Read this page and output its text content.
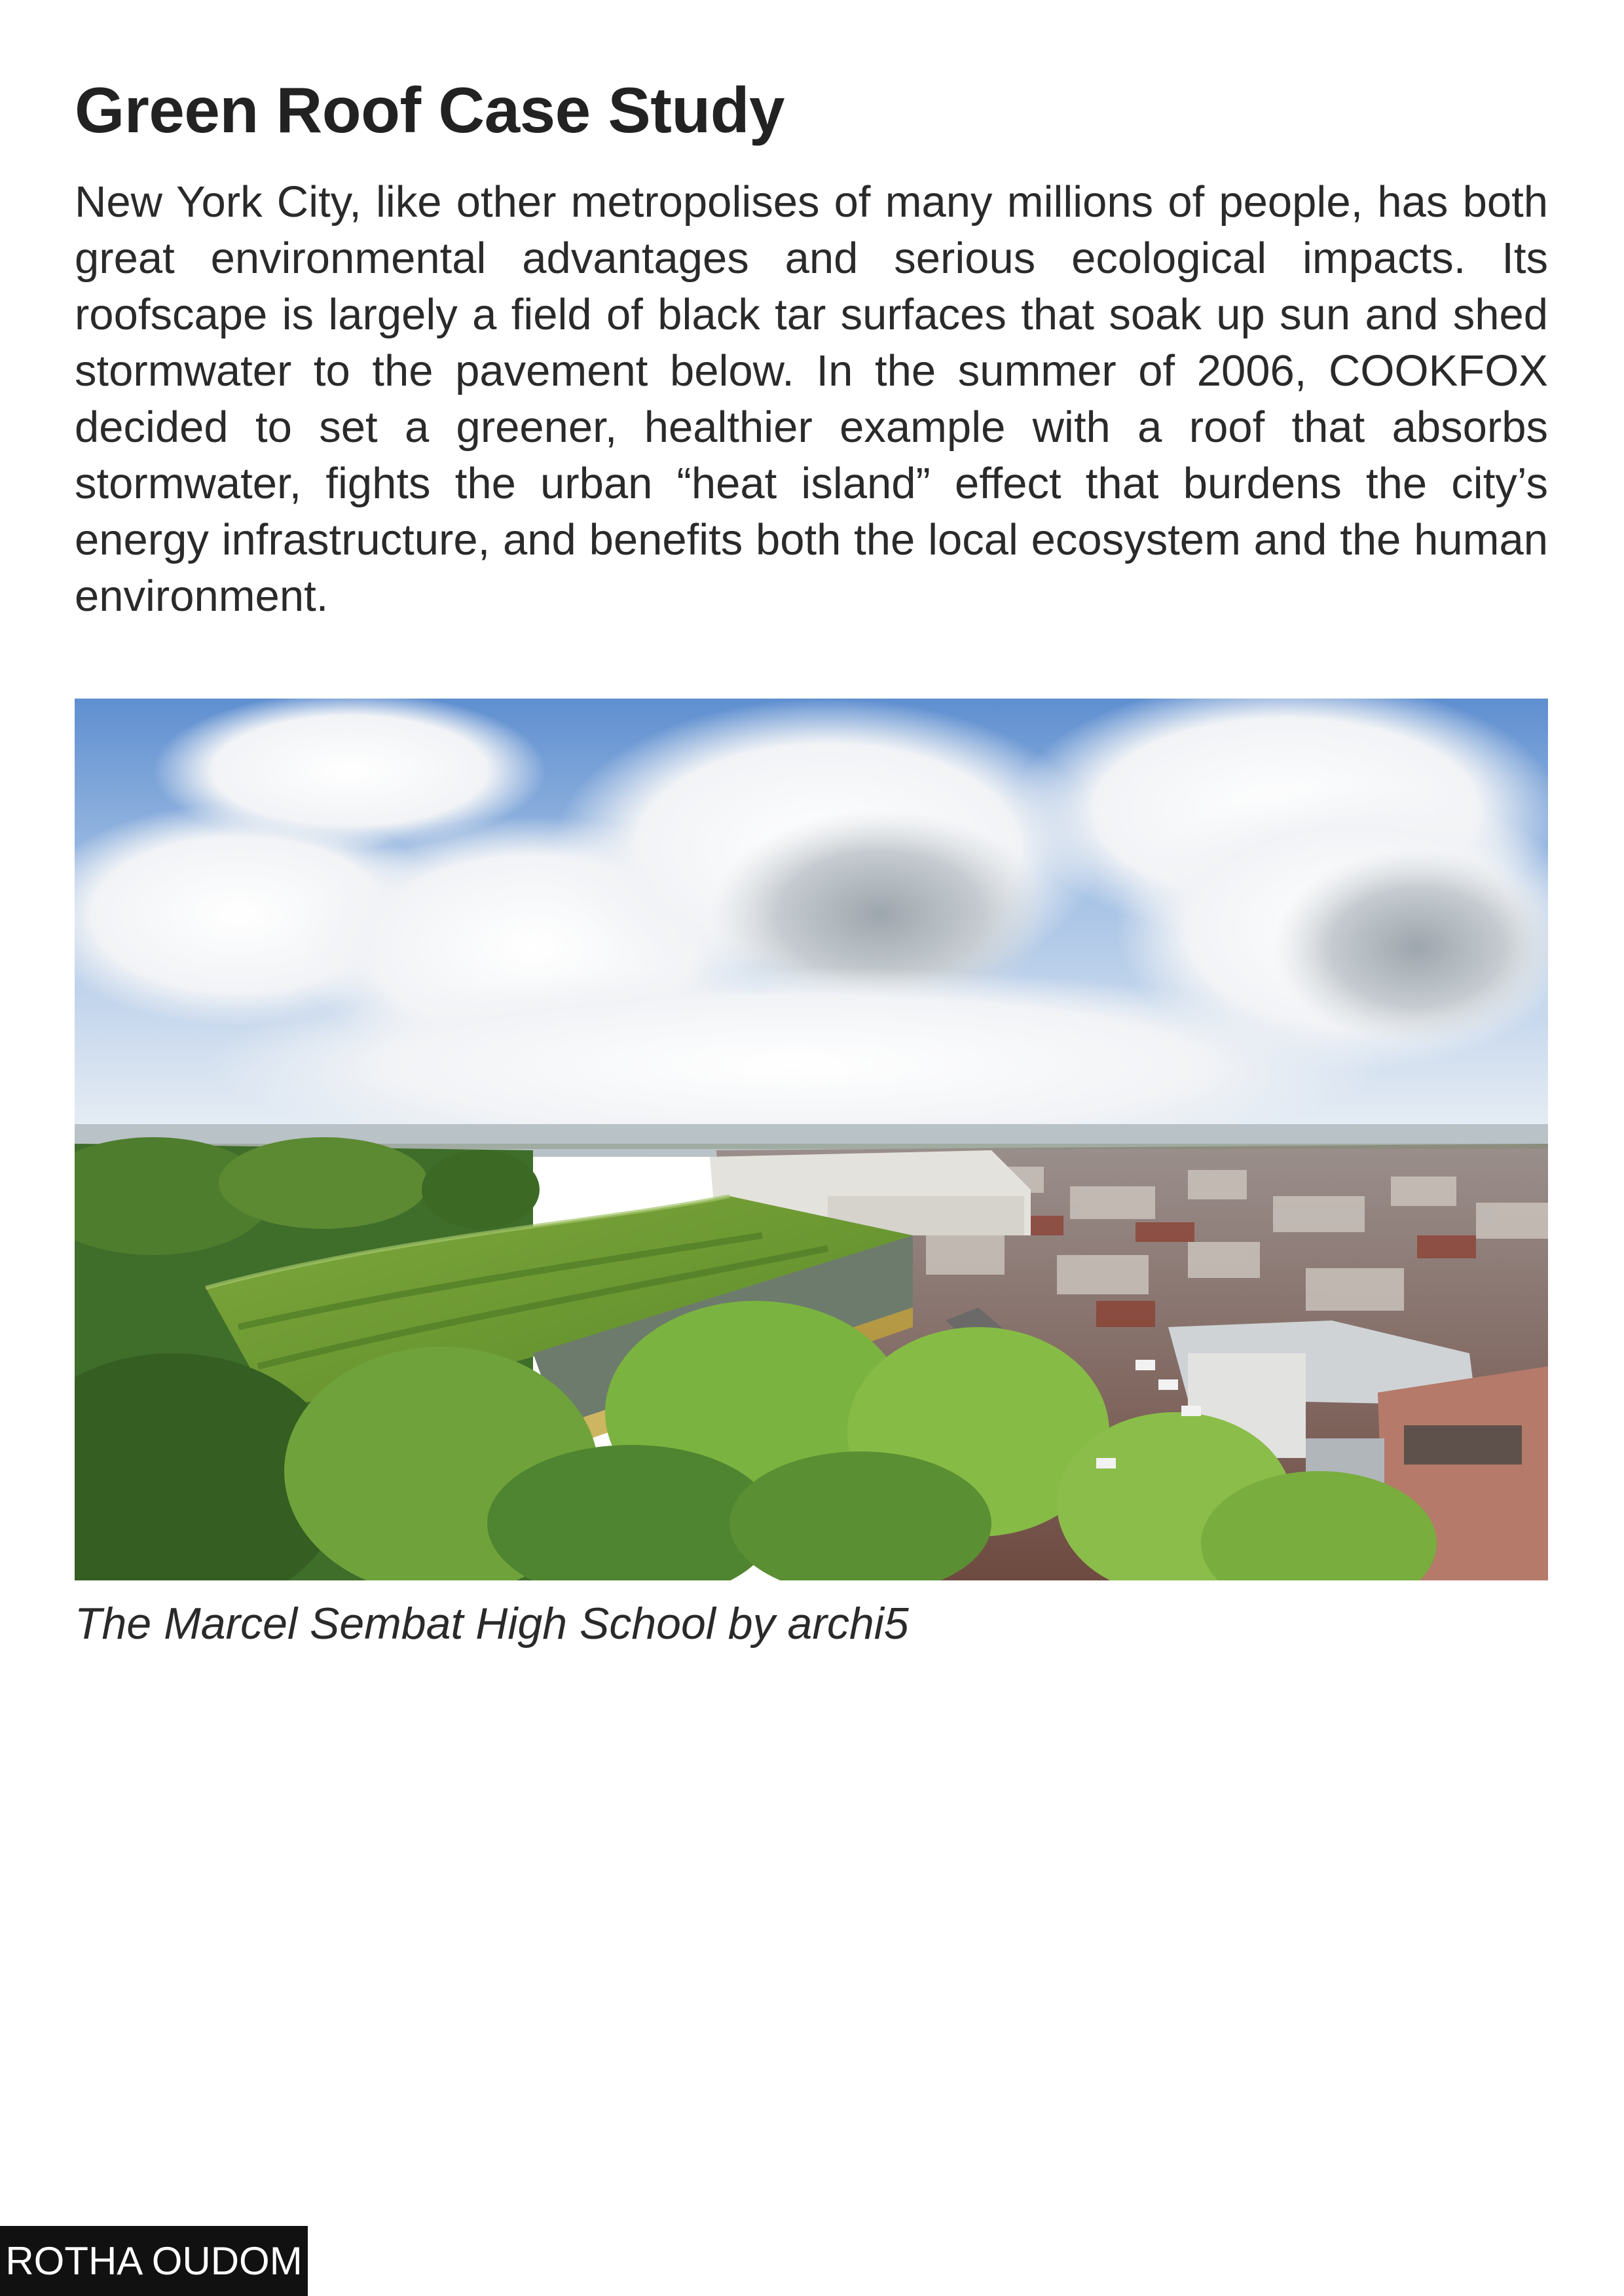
Green Roof Case Study

New York City, like other metropolises of many millions of people, has both great environmental advantages and serious ecological impacts. Its roofscape is largely a field of black tar surfaces that soak up sun and shed stormwater to the pavement below. In the summer of 2006, COOKFOX decided to set a greener, healthier example with a roof that absorbs stormwater, fights the urban “heat island” effect that burdens the city’s energy infrastructure, and benefits both the local ecosystem and the human environment.

The Marcel Sembat High School by archi5

ROTHA OUDOM
